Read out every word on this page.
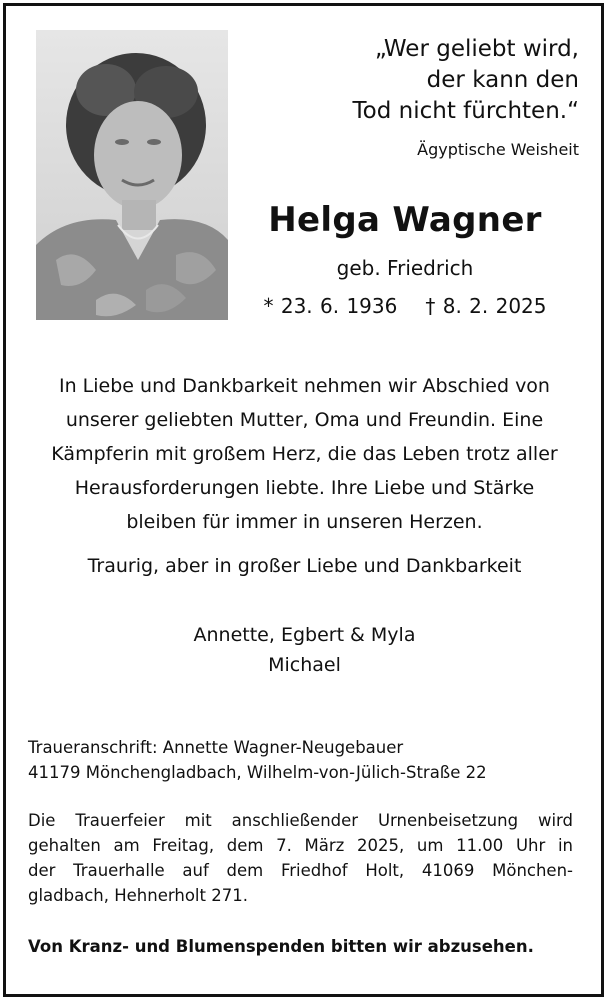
„Wer geliebt wird,
der kann den
Tod nicht fürchten.“
Ägyptische Weisheit
Helga Wagner
geb. Friedrich
* 23. 6. 1936 † 8. 2. 2025
In Liebe und Dankbarkeit nehmen wir Abschied von
unserer geliebten Mutter, Oma und Freundin. Eine
Kämpferin mit großem Herz, die das Leben trotz aller
Herausforderungen liebte. Ihre Liebe und Stärke
bleiben für immer in unseren Herzen.
Traurig, aber in großer Liebe und Dankbarkeit
Annette, Egbert & Myla
Michael
Traueranschrift: Annette Wagner-Neugebauer
41179 Mönchengladbach, Wilhelm-von-Jülich-Straße 22
Die Trauerfeier mit anschließender Urnenbeisetzung wird
gehalten am Freitag, dem 7. März 2025, um 11.00 Uhr in
der Trauerhalle auf dem Friedhof Holt, 41069 Mönchen-
gladbach, Hehnerholt 271.
Von Kranz- und Blumenspenden bitten wir abzusehen.
